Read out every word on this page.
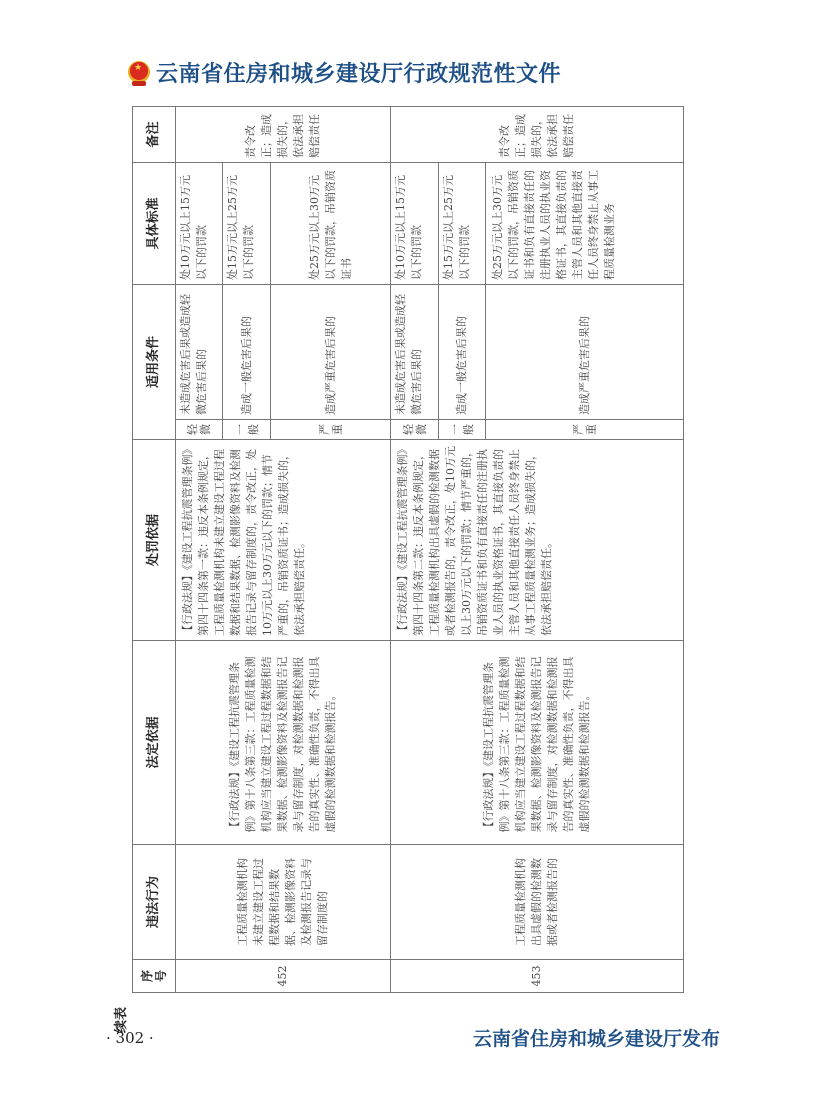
★ 云南省住房和城乡建设厅行政规范性文件
续表
序号	违法行为	法定依据	处罚依据	适用条件		具体标准	备注
452	工程质量检测机构未建立建设工程过程数据和结果数据、检测影像资料及检测报告记录与留存制度的	【行政法规】《建设工程抗震管理条例》第十八条第三款：工程质量检测机构应当建立建设工程过程数据和结果数据、检测影像资料及检测报告记录与留存制度，对检测数据和检测报告的真实性、准确性负责，不得出具虚假的检测数据和检测报告。	【行政法规】《建设工程抗震管理条例》第四十四条第一款：违反本条例规定，工程质量检测机构未建立建设工程过程数据和结果数据、检测影像资料及检测报告记录与留存制度的，责令改正，处10万元以上30万元以下的罚款；情节严重的，吊销资质证书；造成损失的，依法承担赔偿责任。	轻微	未造成危害后果或造成轻微危害后果的	处10万元以上15万元以下的罚款	责令改正；造成损失的，依法承担赔偿责任

				一般	造成一般危害后果的	处15万元以上25万元以下的罚款	
				严重	造成严重危害后果的	处25万元以上30万元以下的罚款，吊销资质证书	
453	工程质量检测机构出具虚假的检测数据或者检测报告的	【行政法规】《建设工程抗震管理条例》第十八条第三款：工程质量检测机构应当建立建设工程过程数据和结果数据、检测影像资料及检测报告记录与留存制度，对检测数据和检测报告的真实性、准确性负责，不得出具虚假的检测数据和检测报告。	【行政法规】《建设工程抗震管理条例》第四十四条第二款：违反本条例规定，工程质量检测机构出具虚假的检测数据或者检测报告的，责令改正，处10万元以上30万元以下的罚款；情节严重的，吊销资质证书和负有直接责任的注册执业人员的执业资格证书，其直接负责的主管人员和其他直接责任人员终身禁止从事工程质量检测业务；造成损失的，依法承担赔偿责任。	轻微	未造成危害后果或造成轻微危害后果的	处10万元以上15万元以下的罚款	责令改正；造成损失的，依法承担赔偿责任

				一般	造成一般危害后果的	处15万元以上25万元以下的罚款	
				严重	造成严重危害后果的	处25万元以上30万元以下的罚款，吊销资质证书和负有直接责任的注册执业人员的执业资格证书，其直接负责的主管人员和其他直接责任人员终身禁止从事工程质量检测业务	
· 302 ·	云南省住房和城乡建设厅发布
